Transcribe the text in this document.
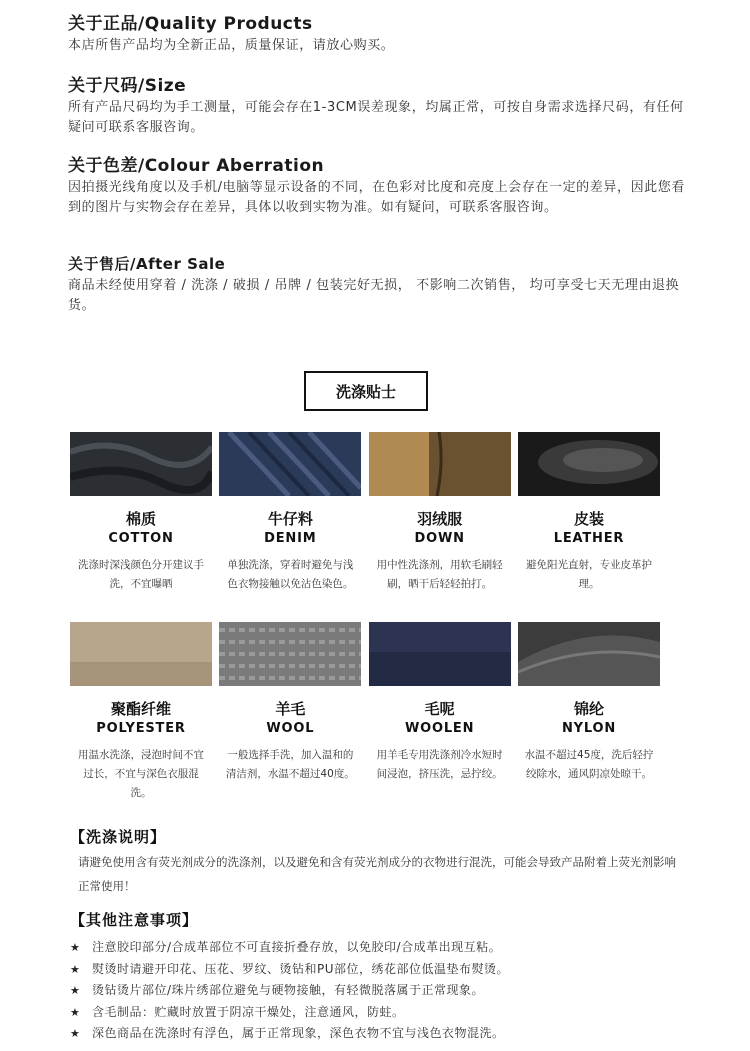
关于正品/Quality Products

本店所售产品均为全新正品，质量保证，请放心购买。

关于尺码/Size

所有产品尺码均为手工测量，可能会存在1-3CM误差现象，均属正常，可按自身需求选择尺码，有任何疑问可联系客服咨询。

关于色差/Colour Aberration

因拍摄光线角度以及手机/电脑等显示设备的不同，在色彩对比度和亮度上会存在一定的差异，因此您看到的图片与实物会存在差异，具体以收到实物为准。如有疑问，可联系客服咨询。

关于售后/After Sale

商品未经使用穿着 / 洗涤 / 破损 / 吊牌 / 包装完好无损， 不影响二次销售， 均可享受七天无理由退换货。

洗涤贴士
棉质
COTTON
洗涤时深浅颜色分开建议手洗，不宜曝晒
牛仔料
DENIM
单独洗涤，穿着时避免与浅色衣物接触以免沾色染色。
羽绒服
DOWN
用中性洗涤剂，用软毛刷轻刷，晒干后轻轻拍打。
皮装
LEATHER
避免阳光直射，专业皮革护理。
聚酯纤维
POLYESTER
用温水洗涤，浸泡时间不宜过长，不宜与深色衣服混洗。
羊毛
WOOL
一般选择手洗，加入温和的清洁剂，水温不超过40度。
毛呢
WOOLEN
用羊毛专用洗涤剂冷水短时间浸泡，挤压洗，忌拧绞。
锦纶
NYLON
水温不超过45度，洗后轻拧绞除水，通风阴凉处晾干。
【洗涤说明】
请避免使用含有荧光剂成分的洗涤剂，以及避免和含有荧光剂成分的衣物进行混洗，可能会导致产品附着上荧光剂影响正常使用！
【其他注意事项】
★ 注意胶印部分/合成革部位不可直接折叠存放，以免胶印/合成革出现互粘。
★ 熨烫时请避开印花、压花、罗纹、烫钻和PU部位，绣花部位低温垫布熨烫。
★ 烫钻烫片部位/珠片绣部位避免与硬物接触，有轻微脱落属于正常现象。
★ 含毛制品：贮藏时放置于阴凉干燥处，注意通风，防蛀。
★ 深色商品在洗涤时有浮色，属于正常现象，深色衣物不宜与浅色衣物混洗。
